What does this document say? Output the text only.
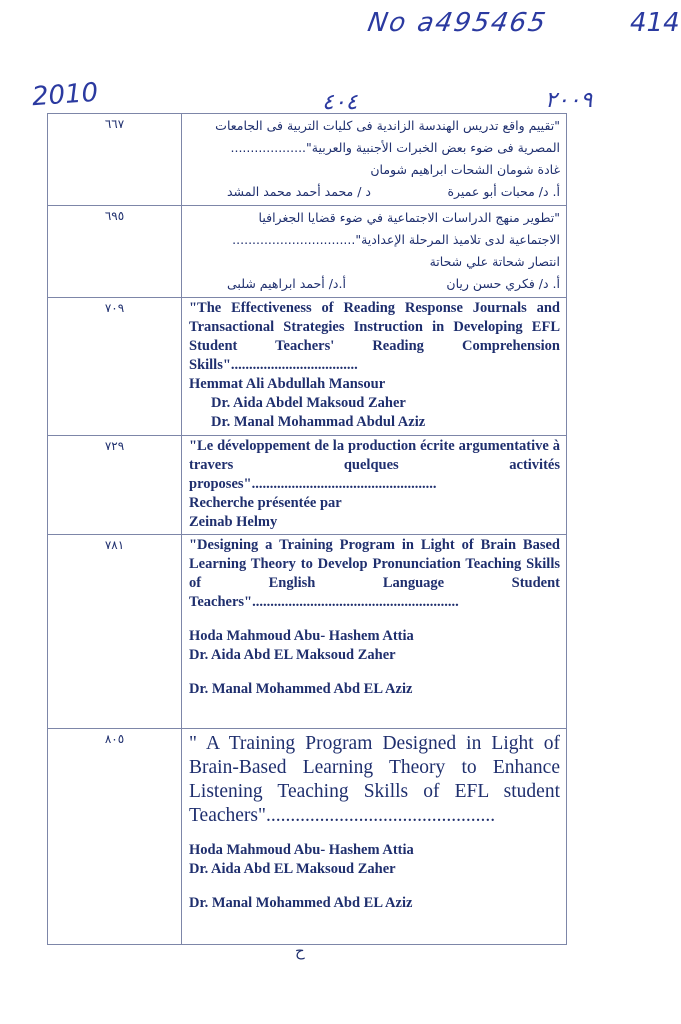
No a495465	414
2010	٤٠٤	٢٠٠٩
٦٦٧	"تقييم واقع تدريس الهندسة الزاندية فى كليات التربية فى الجامعات
المصرية فى ضوء بعض الخبرات الأجنبية والعربية"...................
غادة شومان الشحات ابراهيم شومان
أ. د/ محبات أبو عميرة
د / محمد أحمد محمد المشد

٦٩٥	"تطوير منهج الدراسات الاجتماعية في ضوء قضايا الجغرافيا
الاجتماعية لدى تلاميذ المرحلة الإعدادية"...............................
انتصار شحاتة علي شحاتة
أ. د/ فكري حسن ريان
أ.د/ أحمد ابراهيم شلبى

٧٠٩	"The Effectiveness of Reading Response Journals and Transactional Strategies Instruction in Developing EFL Student Teachers' Reading Comprehension Skills"...................................
Hemmat Ali Abdullah Mansour
Dr. Aida Abdel Maksoud Zaher
Dr. Manal Mohammad Abdul Aziz

٧٢٩	"Le développement de la production écrite argumentative à travers quelques activités proposes"...................................................
Recherche présentée par
Zeinab Helmy

٧٨١	"Designing a Training Program in Light of Brain Based Learning Theory to Develop Pronunciation Teaching Skills of English Language Student Teachers".........................................................
Hoda Mahmoud Abu- Hashem Attia
Dr. Aida Abd EL Maksoud Zaher
Dr. Manal Mohammed Abd EL Aziz

٨٠٥	" A Training Program Designed in Light of Brain-Based Learning Theory to Enhance Listening Teaching Skills of EFL student Teachers"...............................................
Hoda Mahmoud Abu- Hashem Attia
Dr. Aida Abd EL Maksoud Zaher
Dr. Manal Mohammed Abd EL Aziz
ح
